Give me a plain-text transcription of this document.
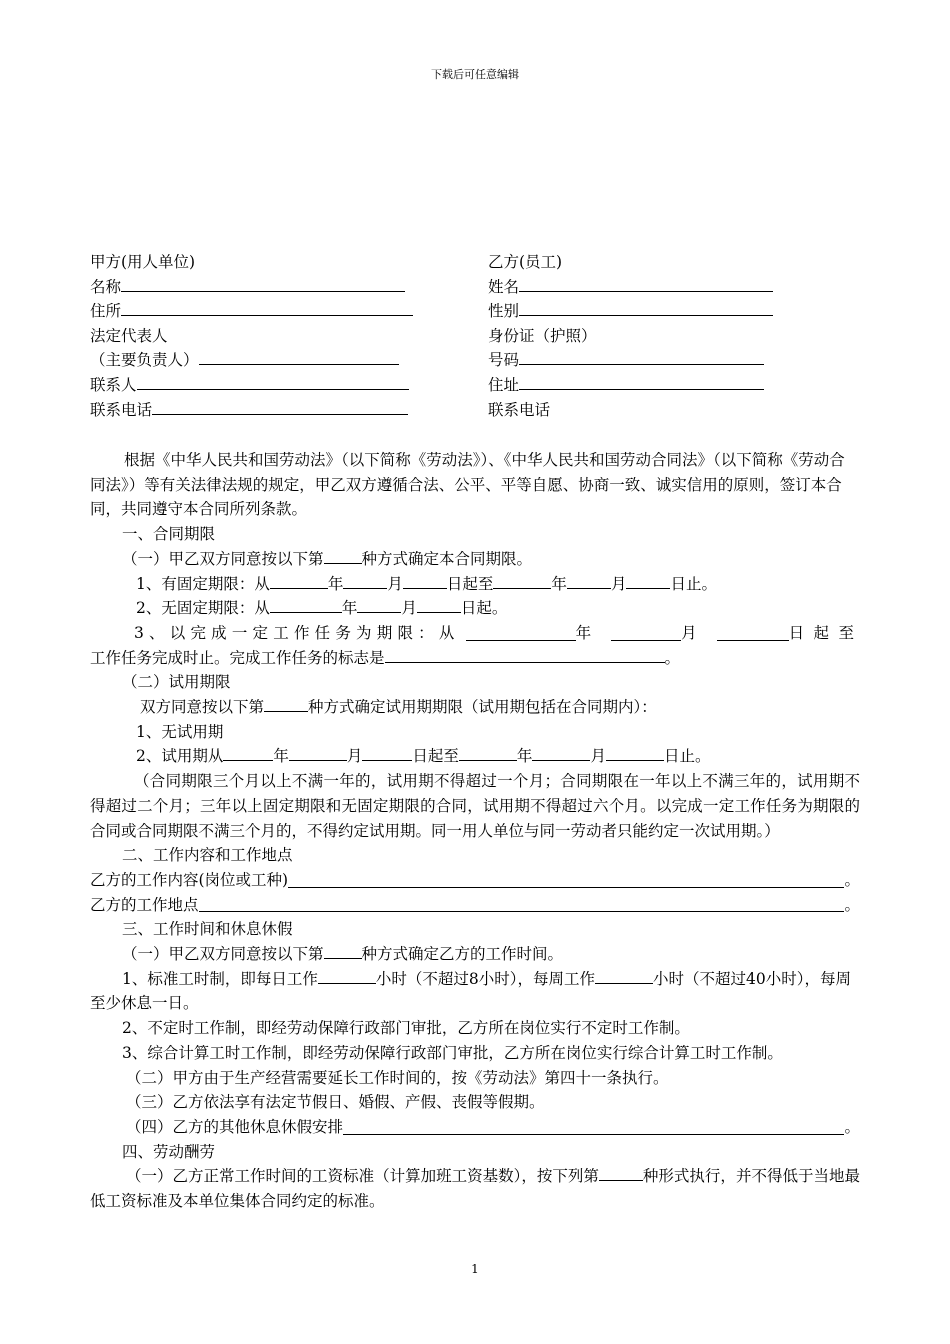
下载后可任意编辑
甲方(用人单位)	乙方(员工)
名称	姓名
住所	性别
法定代表人	身份证（护照）
（主要负责人）	号码
联系人	住址
联系电话	联系电话

根据《中华人民共和国劳动法》（以下简称《劳动法》）、《中华人民共和国劳动合同法》（以下简称《劳动合同法》）等有关法律法规的规定，甲乙双方遵循合法、公平、平等自愿、协商一致、诚实信用的原则，签订本合同，共同遵守本合同所列条款。

一、合同期限

（一）甲乙双方同意按以下第 种方式确定本合同期限。

1、有固定期限：从	年	月	日起至	年	月	日止。

2、无固定期限：从	年	月	日起。

3、以完成一定工作任务为期限：从	年	月	日起至

工作任务完成时止。完成工作任务的标志是	。

（二）试用期限

双方同意按以下第	种方式确定试用期期限（试用期包括在合同期内）：

1、无试用期

2、试用期从	年	月	日起至	年	月	日止。

（合同期限三个月以上不满一年的，试用期不得超过一个月；合同期限在一年以上不满三年的，试用期不得超过二个月；三年以上固定期限和无固定期限的合同，试用期不得超过六个月。以完成一定工作任务为期限的合同或合同期限不满三个月的，不得约定试用期。同一用人单位与同一劳动者只能约定一次试用期。）

二、工作内容和工作地点

乙方的工作内容(岗位或工种)	。

乙方的工作地点	。

三、工作时间和休息休假

（一）甲乙双方同意按以下第 种方式确定乙方的工作时间。

1、标准工时制，即每日工作	小时（不超过8小时），每周工作	小时（不超过40小时），每周至少休息一日。

2、不定时工作制，即经劳动保障行政部门审批，乙方所在岗位实行不定时工作制。

3、综合计算工时工作制，即经劳动保障行政部门审批，乙方所在岗位实行综合计算工时工作制。

（二）甲方由于生产经营需要延长工作时间的，按《劳动法》第四十一条执行。

（三）乙方依法享有法定节假日、婚假、产假、丧假等假期。

（四）乙方的其他休息休假安排	。

四、劳动酬劳

（一）乙方正常工作时间的工资标准（计算加班工资基数），按下列第	种形式执行，并不得低于当地最低工资标准及本单位集体合同约定的标准。

1
